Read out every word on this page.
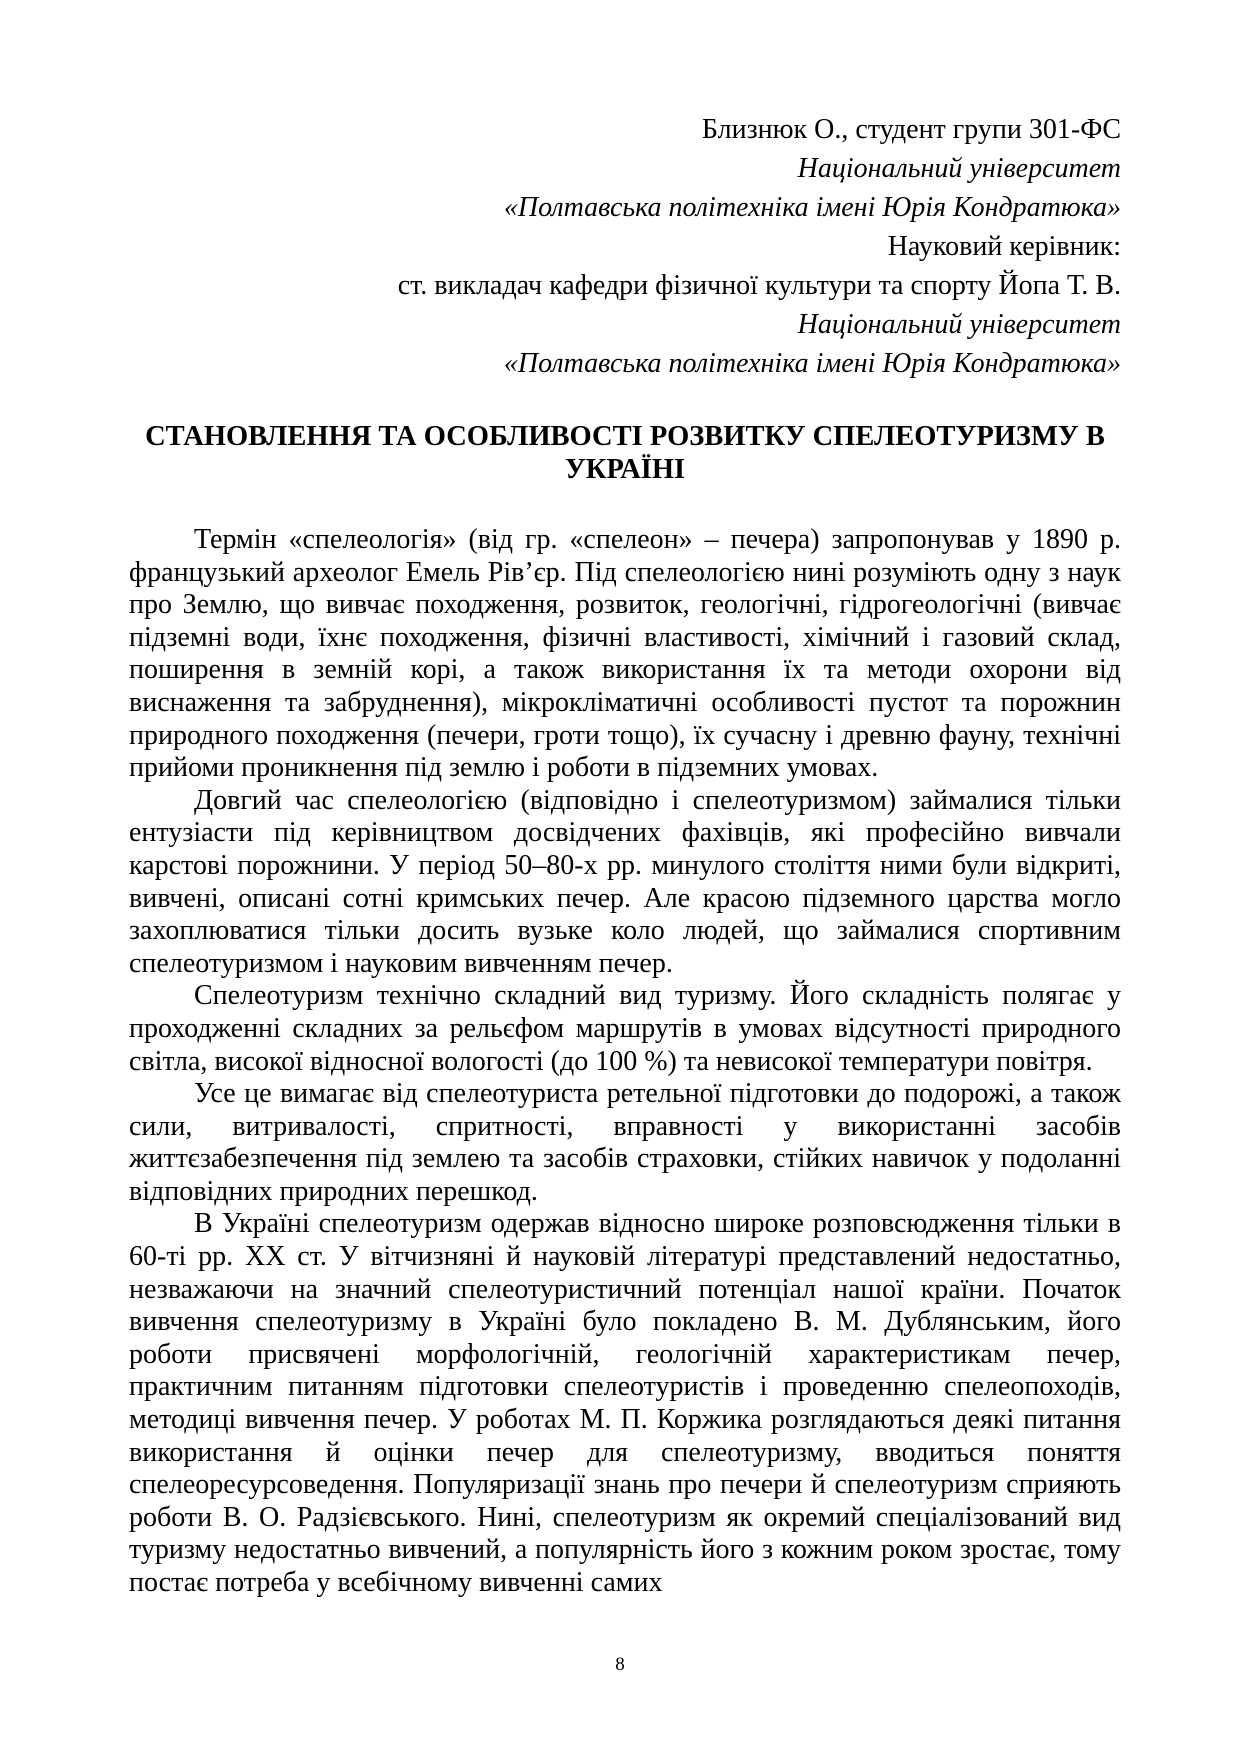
Близнюк О., студент групи 301-ФС
Національний університет
«Полтавська політехніка імені Юрія Кондратюка»
Науковий керівник:
ст. викладач кафедри фізичної культури та спорту Йопа Т. В.
Національний університет
«Полтавська політехніка імені Юрія Кондратюка»
СТАНОВЛЕННЯ ТА ОСОБЛИВОСТІ РОЗВИТКУ СПЕЛЕОТУРИЗМУ В
УКРАЇНІ

Термін «спелеологія» (від гр. «спелеон» – печера) запропонував у 1890 р. французький археолог Емель Рів’єр. Під спелеологією нині розуміють одну з наук про Землю, що вивчає походження, розвиток, геологічні, гідрогеологічні (вивчає підземні води, їхнє походження, фізичні властивості, хімічний і газовий склад, поширення в земній корі, а також використання їх та методи охорони від виснаження та забруднення), мікрокліматичні особливості пустот та порожнин природного походження (печери, гроти тощо), їх сучасну і древню фауну, технічні прийоми проникнення під землю і роботи в підземних умовах.

Довгий час спелеологією (відповідно і спелеотуризмом) займалися тільки ентузіасти під керівництвом досвідчених фахівців, які професійно вивчали карстові порожнини. У період 50–80-х рр. минулого століття ними були відкриті, вивчені, описані сотні кримських печер. Але красою підземного царства могло захоплюватися тільки досить вузьке коло людей, що займалися спортивним спелеотуризмом і науковим вивченням печер.

Спелеотуризм технічно складний вид туризму. Його складність полягає у проходженні складних за рельєфом маршрутів в умовах відсутності природного світла, високої відносної вологості (до 100 %) та невисокої температури повітря.

Усе це вимагає від спелеотуриста ретельної підготовки до подорожі, а також сили, витривалості, спритності, вправності у використанні засобів життєзабезпечення під землею та засобів страховки, стійких навичок у подоланні відповідних природних перешкод.

В Україні спелеотуризм одержав відносно широке розповсюдження тільки в 60-ті рр. XX ст. У вітчизняні й науковій літературі представлений недостатньо, незважаючи на значний спелеотуристичний потенціал нашої країни. Початок вивчення спелеотуризму в Україні було покладено В. М. Дублянським, його роботи присвячені морфологічній, геологічній характеристикам печер, практичним питанням підготовки спелеотуристів і проведенню спелеопоходів, методиці вивчення печер. У роботах М. П. Коржика розглядаються деякі питання використання й оцінки печер для спелеотуризму, вводиться поняття спелеоресурсоведення. Популяризації знань про печери й спелеотуризм сприяють роботи В. О. Радзієвського. Нині, спелеотуризм як окремий спеціалізований вид туризму недостатньо вивчений, а популярність його з кожним роком зростає, тому постає потреба у всебічному вивченні самих

8
